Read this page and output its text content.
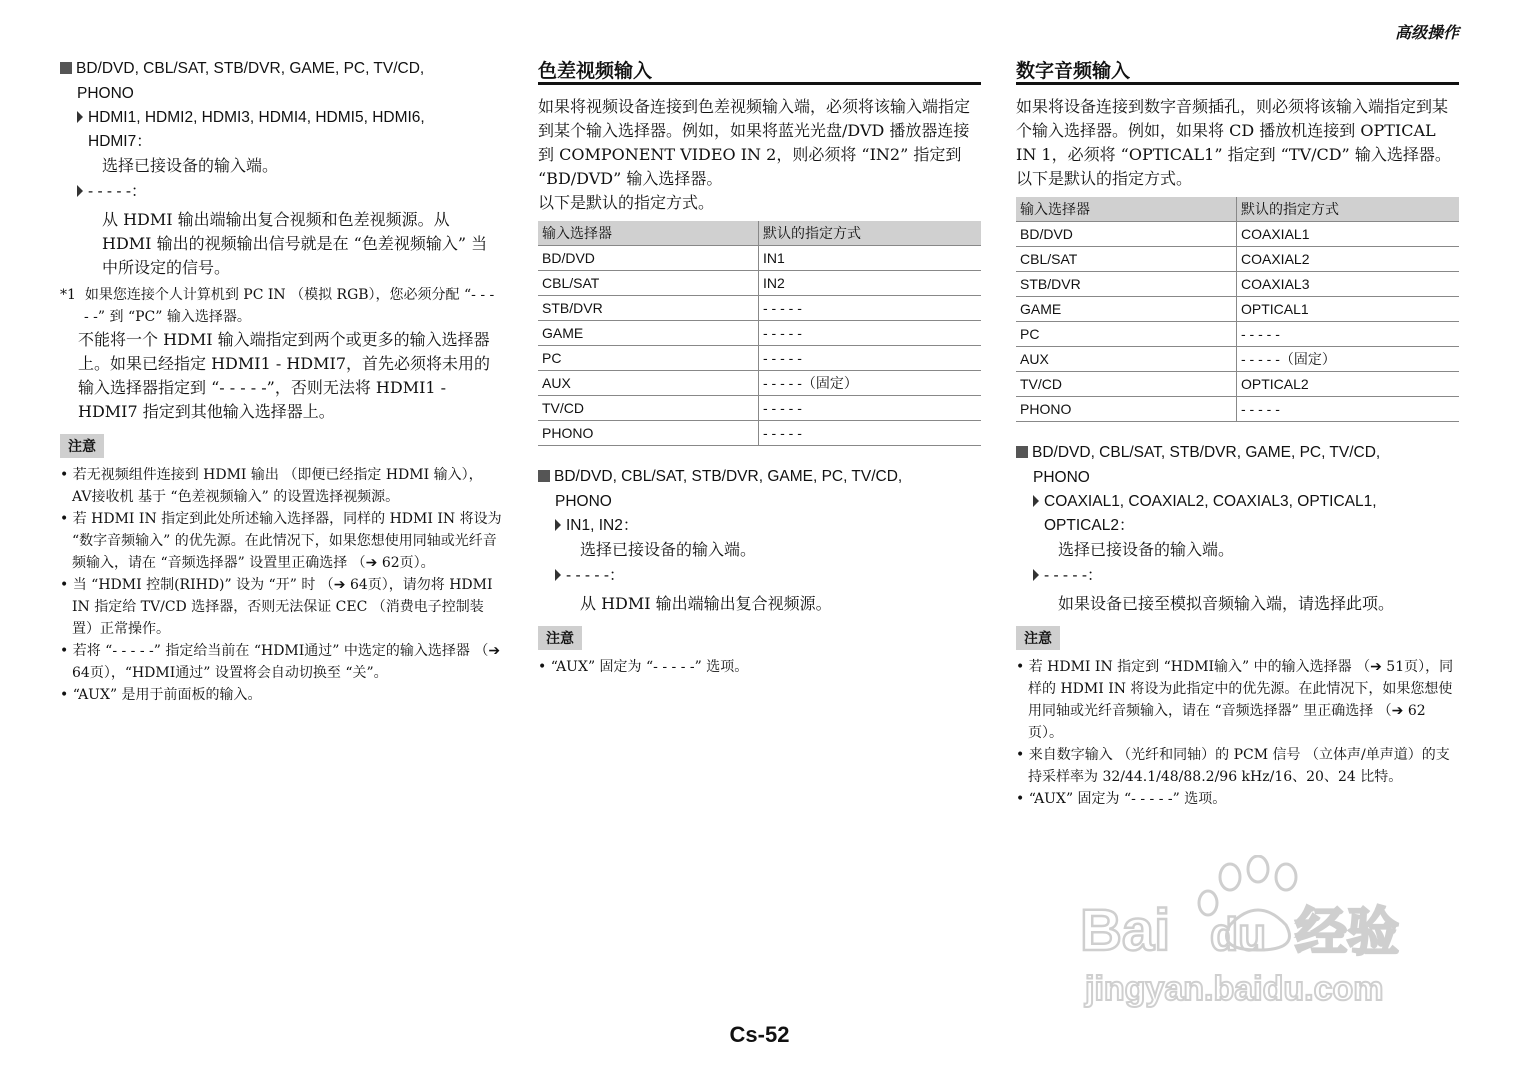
高级操作
BD/DVD, CBL/SAT, STB/DVR, GAME, PC, TV/CD,
PHONO
HDMI1, HDMI2, HDMI3, HDMI4, HDMI5, HDMI6,
HDMI7：

选择已接设备的输入端。

- - - - -：

从 HDMI 输出端输出复合视频和色差视频源。从 HDMI 输出的视频输出信号就是在 “色差视频输入” 当中所设定的信号。

*1 如果您连接个人计算机到 PC IN （模拟 RGB），您必须分配 “- - - - -” 到 “PC” 输入选择器。

不能将一个 HDMI 输入端指定到两个或更多的输入选择器上。如果已经指定 HDMI1 - HDMI7，首先必须将未用的输入选择器指定到 “- - - - -”，否则无法将 HDMI1 - HDMI7 指定到其他输入选择器上。

注意
• 若无视频组件连接到 HDMI 输出 （即便已经指定 HDMI 输入），AV接收机 基于 “色差视频输入” 的设置选择视频源。
• 若 HDMI IN 指定到此处所述输入选择器，同样的 HDMI IN 将设为 “数字音频输入” 的优先源。在此情况下，如果您想使用同轴或光纤音频输入，请在 “音频选择器” 设置里正确选择 （➔ 62页）。
• 当 “HDMI 控制(RIHD)” 设为 “开” 时 （➔ 64页），请勿将 HDMI IN 指定给 TV/CD 选择器，否则无法保证 CEC （消费电子控制装置）正常操作。
• 若将 “- - - - -” 指定给当前在 “HDMI通过” 中选定的输入选择器 （➔ 64页），“HDMI通过” 设置将会自动切换至 “关”。
• “AUX” 是用于前面板的输入。
色差视频输入

如果将视频设备连接到色差视频输入端，必须将该输入端指定到某个输入选择器。例如，如果将蓝光光盘/DVD 播放器连接到 COMPONENT VIDEO IN 2，则必须将 “IN2” 指定到 “BD/DVD” 输入选择器。

以下是默认的指定方式。

输入选择器	默认的指定方式
BD/DVD	IN1
CBL/SAT	IN2
STB/DVR	- - - - -
GAME	- - - - -
PC	- - - - -
AUX	- - - - -（固定）
TV/CD	- - - - -
PHONO	- - - - -
BD/DVD, CBL/SAT, STB/DVR, GAME, PC, TV/CD,
PHONO
IN1, IN2：

选择已接设备的输入端。

- - - - -：

从 HDMI 输出端输出复合视频源。

注意
• “AUX” 固定为 “- - - - -” 选项。
数字音频输入

如果将设备连接到数字音频插孔，则必须将该输入端指定到某个输入选择器。例如，如果将 CD 播放机连接到 OPTICAL IN 1，必须将 “OPTICAL1” 指定到 “TV/CD” 输入选择器。

以下是默认的指定方式。

输入选择器	默认的指定方式
BD/DVD	COAXIAL1
CBL/SAT	COAXIAL2
STB/DVR	COAXIAL3
GAME	OPTICAL1
PC	- - - - -
AUX	- - - - -（固定）
TV/CD	OPTICAL2
PHONO	- - - - -
BD/DVD, CBL/SAT, STB/DVR, GAME, PC, TV/CD,
PHONO
COAXIAL1, COAXIAL2, COAXIAL3, OPTICAL1,
OPTICAL2：

选择已接设备的输入端。

- - - - -：

如果设备已接至模拟音频输入端，请选择此项。

注意
• 若 HDMI IN 指定到 “HDMI输入” 中的输入选择器 （➔ 51页），同样的 HDMI IN 将设为此指定中的优先源。在此情况下，如果您想使用同轴或光纤音频输入，请在 “音频选择器” 里正确选择 （➔ 62页）。
• 来自数字输入 （光纤和同轴）的 PCM 信号 （立体声/单声道）的支持采样率为 32/44.1/48/88.2/96 kHz/16、20、24 比特。
• “AUX” 固定为 “- - - - -” 选项。
Bai du 经验
jingyan.baidu.com
Cs-52
